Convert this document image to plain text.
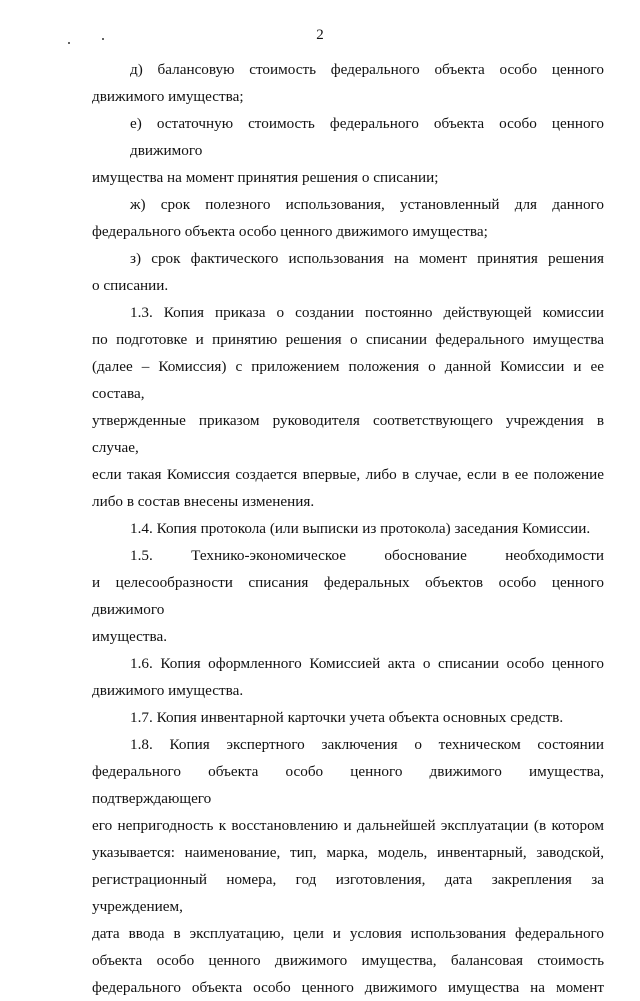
2
д) балансовую стоимость федерального объекта особо ценного
движимого имущества;
е) остаточную стоимость федерального объекта особо ценного движимого
имущества на момент принятия решения о списании;
ж) срок полезного использования, установленный для данного
федерального объекта особо ценного движимого имущества;
з) срок фактического использования на момент принятия решения
о списании.
1.3. Копия приказа о создании постоянно действующей комиссии
по подготовке и принятию решения о списании федерального имущества
(далее – Комиссия) с приложением положения о данной Комиссии и ее состава,
утвержденные приказом руководителя соответствующего учреждения в случае,
если такая Комиссия создается впервые, либо в случае, если в ее положение
либо в состав внесены изменения.
1.4. Копия протокола (или выписки из протокола) заседания Комиссии.
1.5. Технико-экономическое обоснование необходимости
и целесообразности списания федеральных объектов особо ценного движимого
имущества.
1.6. Копия оформленного Комиссией акта о списании особо ценного
движимого имущества.
1.7. Копия инвентарной карточки учета объекта основных средств.
1.8. Копия экспертного заключения о техническом состоянии
федерального объекта особо ценного движимого имущества, подтверждающего
его непригодность к восстановлению и дальнейшей эксплуатации (в котором
указывается: наименование, тип, марка, модель, инвентарный, заводской,
регистрационный номера, год изготовления, дата закрепления за учреждением,
дата ввода в эксплуатацию, цели и условия использования федерального
объекта особо ценного движимого имущества, балансовая стоимость
федерального объекта особо ценного движимого имущества на момент
